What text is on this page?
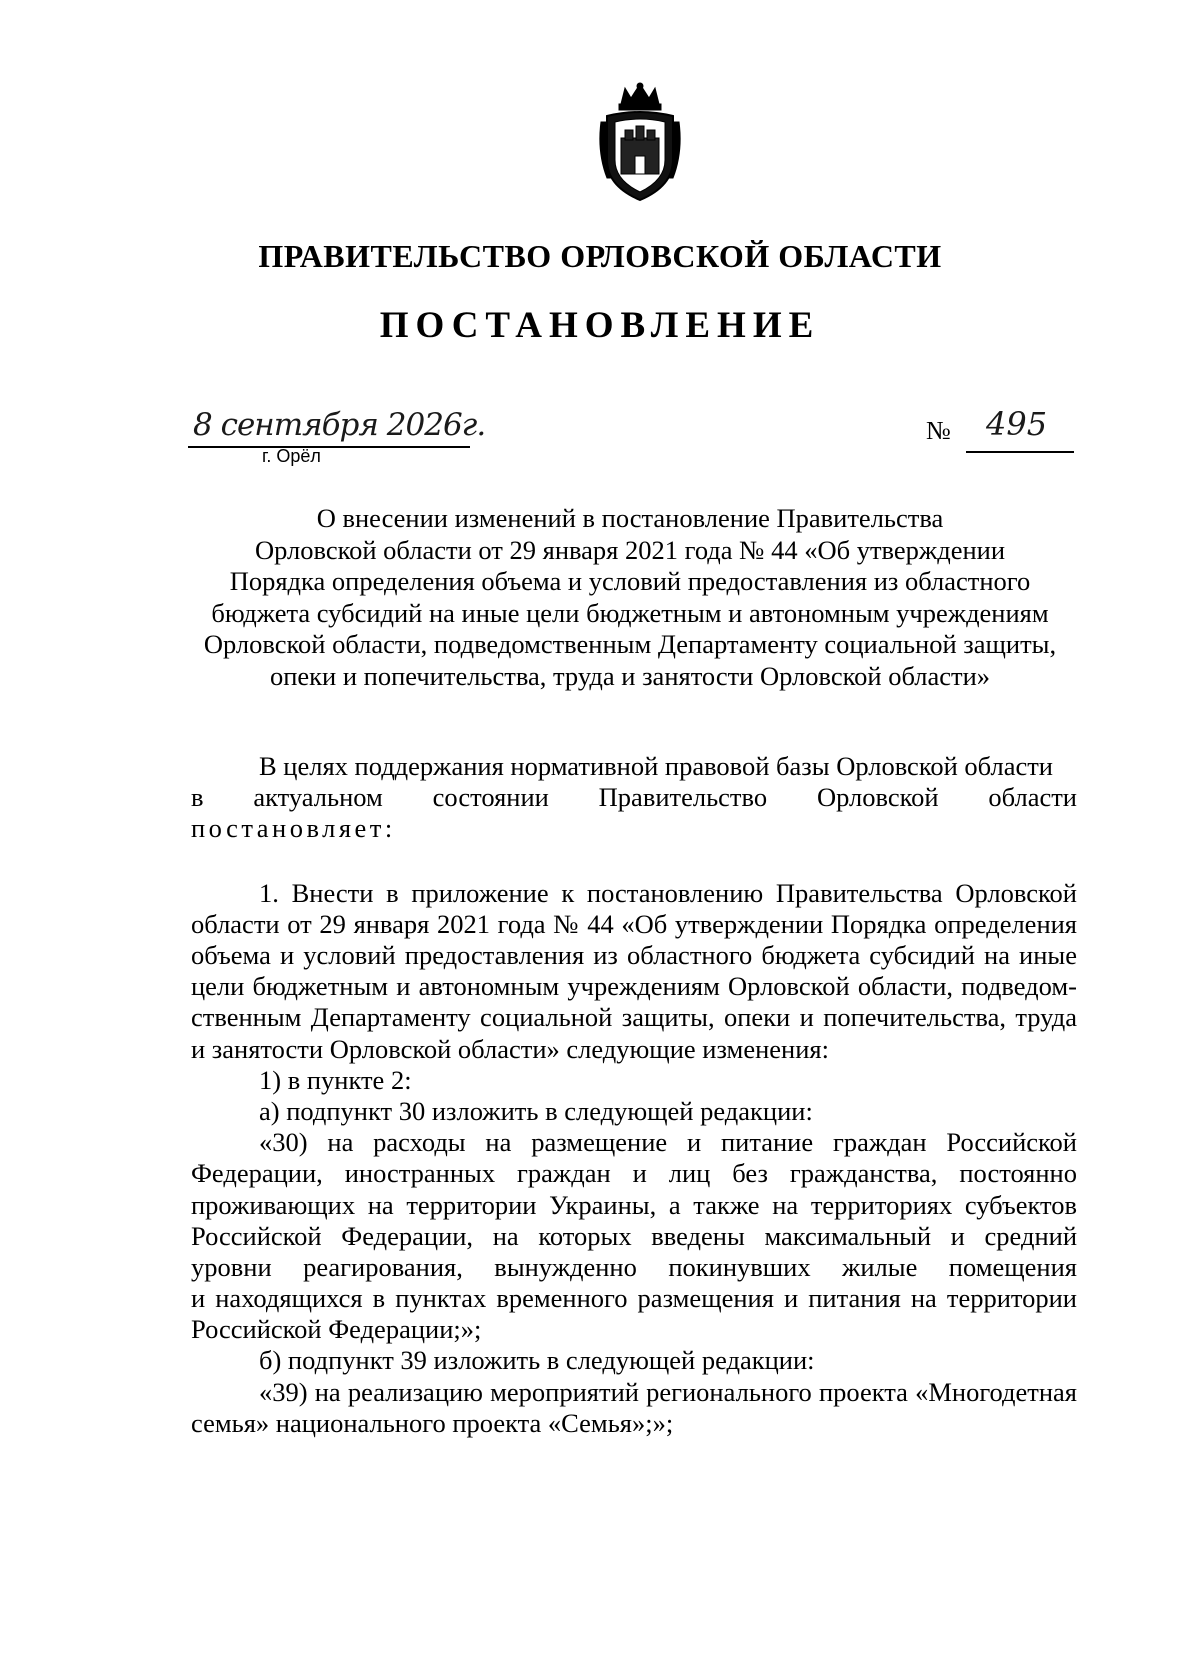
ПРАВИТЕЛЬСТВО ОРЛОВСКОЙ ОБЛАСТИ
ПОСТАНОВЛЕНИЕ
8 сентября 2026г.
г. Орёл
№ 495
О внесении изменений в постановление Правительства
Орловской области от 29 января 2021 года № 44 «Об утверждении
Порядка определения объема и условий предоставления из областного
бюджета субсидий на иные цели бюджетным и автономным учреждениям
Орловской области, подведомственным Департаменту социальной защиты,
опеки и попечительства, труда и занятости Орловской области»
В целях поддержания нормативной правовой базы Орловской области
в актуальном состоянии Правительство Орловской области
постановляет:
1. Внести в приложение к постановлению Правительства Орловской
области от 29 января 2021 года № 44 «Об утверждении Порядка определения
объема и условий предоставления из областного бюджета субсидий на иные
цели бюджетным и автономным учреждениям Орловской области, подведом-
ственным Департаменту социальной защиты, опеки и попечительства, труда
и занятости Орловской области» следующие изменения:
1) в пункте 2:
а) подпункт 30 изложить в следующей редакции:
«30) на расходы на размещение и питание граждан Российской
Федерации, иностранных граждан и лиц без гражданства, постоянно
проживающих на территории Украины, а также на территориях субъектов
Российской Федерации, на которых введены максимальный и средний
уровни реагирования, вынужденно покинувших жилые помещения
и находящихся в пунктах временного размещения и питания на территории
Российской Федерации;»;
б) подпункт 39 изложить в следующей редакции:
«39) на реализацию мероприятий регионального проекта «Многодетная
семья» национального проекта «Семья»;»;
